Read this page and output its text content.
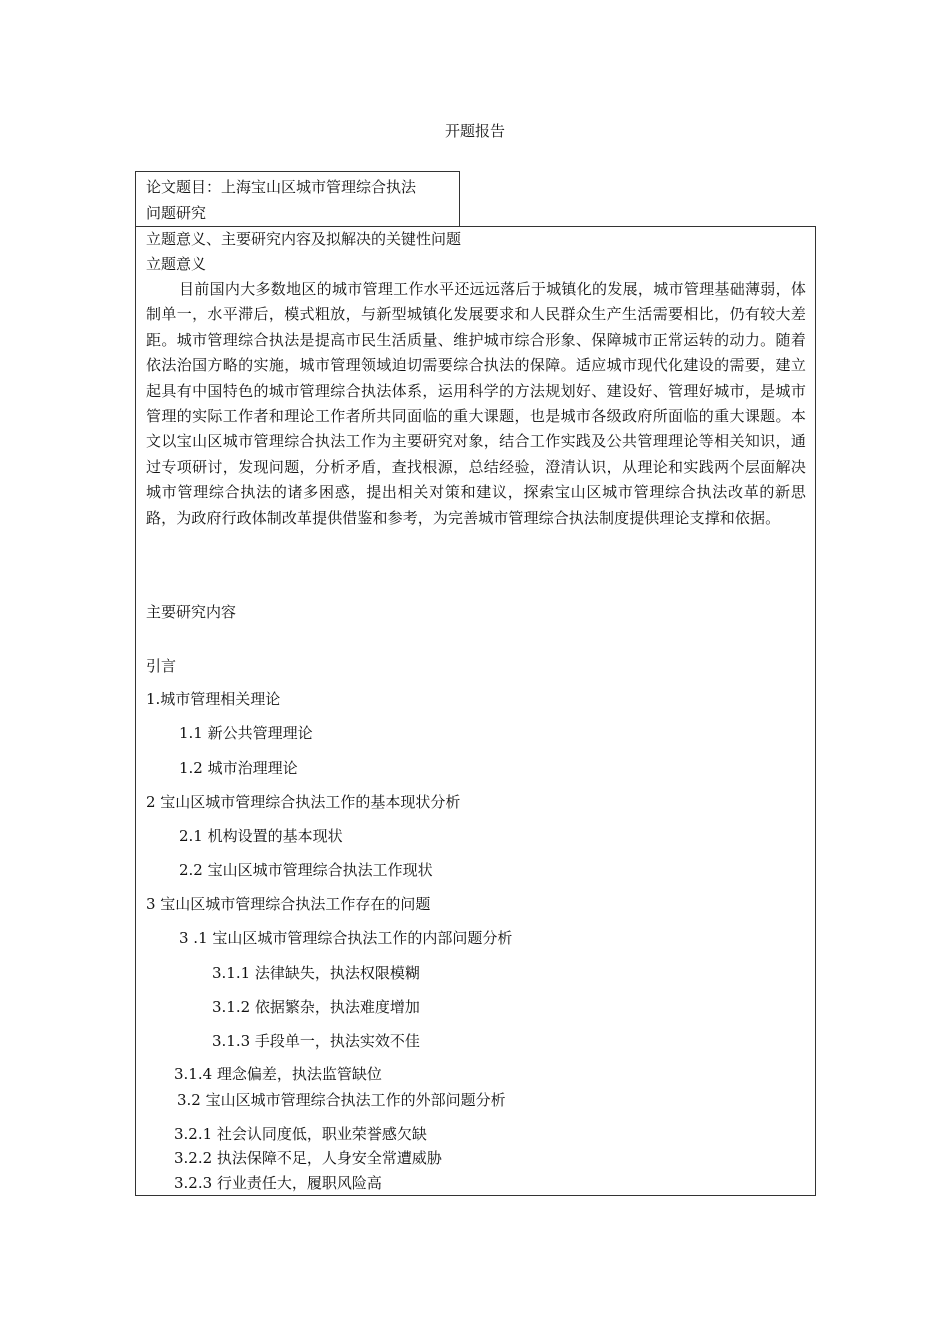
开题报告
论文题目：上海宝山区城市管理综合执法
问题研究
立题意义、主要研究内容及拟解决的关键性问题
立题意义
目前国内大多数地区的城市管理工作水平还远远落后于城镇化的发展，城市管理基础薄弱，体制单一，水平滞后，模式粗放，与新型城镇化发展要求和人民群众生产生活需要相比，仍有较大差距。城市管理综合执法是提高市民生活质量、维护城市综合形象、保障城市正常运转的动力。随着依法治国方略的实施，城市管理领域迫切需要综合执法的保障。适应城市现代化建设的需要，建立起具有中国特色的城市管理综合执法体系，运用科学的方法规划好、建设好、管理好城市，是城市管理的实际工作者和理论工作者所共同面临的重大课题，也是城市各级政府所面临的重大课题。本文以宝山区城市管理综合执法工作为主要研究对象，结合工作实践及公共管理理论等相关知识，通过专项研讨，发现问题，分析矛盾，查找根源，总结经验，澄清认识，从理论和实践两个层面解决城市管理综合执法的诸多困惑，提出相关对策和建议，探索宝山区城市管理综合执法改革的新思路，为政府行政体制改革提供借鉴和参考，为完善城市管理综合执法制度提供理论支撑和依据。
主要研究内容
引言
1.城市管理相关理论
1.1 新公共管理理论
1.2 城市治理理论
2 宝山区城市管理综合执法工作的基本现状分析
2.1 机构设置的基本现状
2.2 宝山区城市管理综合执法工作现状
3 宝山区城市管理综合执法工作存在的问题
3 .1 宝山区城市管理综合执法工作的内部问题分析
3.1.1 法律缺失，执法权限模糊
3.1.2 依据繁杂，执法难度增加
3.1.3 手段单一，执法实效不佳
3.1.4 理念偏差，执法监管缺位
3.2 宝山区城市管理综合执法工作的外部问题分析
3.2.1 社会认同度低，职业荣誉感欠缺
3.2.2 执法保障不足，人身安全常遭威胁
3.2.3 行业责任大，履职风险高
